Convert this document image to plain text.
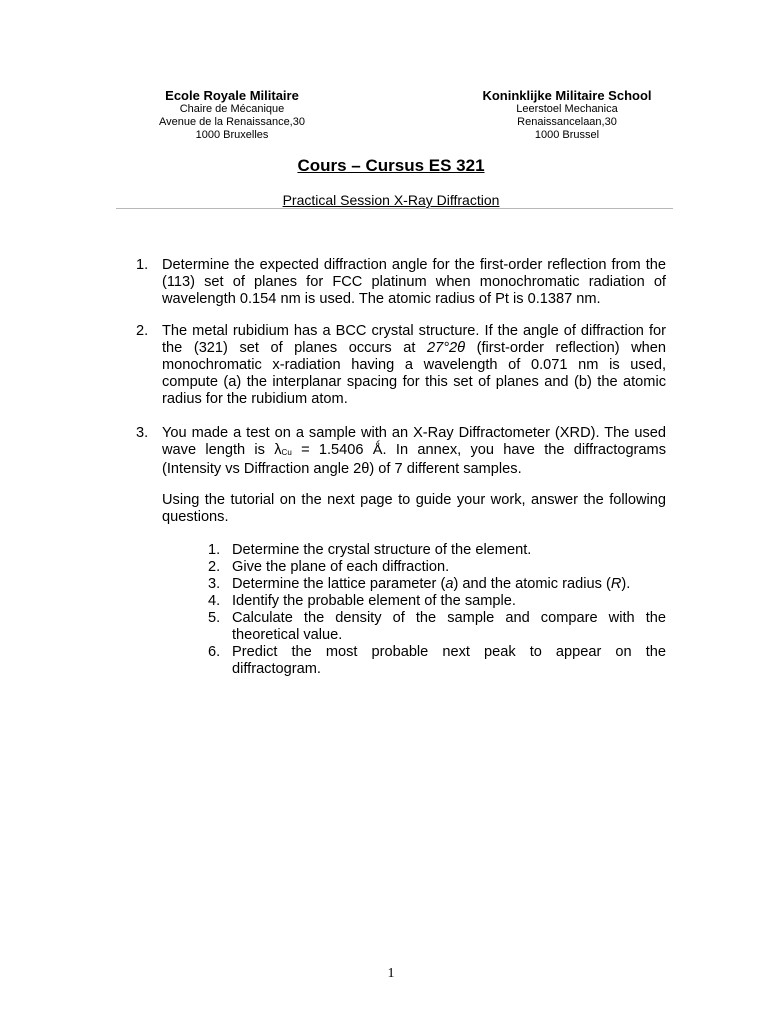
Ecole Royale Militaire
Chaire de Mécanique
Avenue de la Renaissance,30
1000 Bruxelles
Koninklijke Militaire School
Leerstoel Mechanica
Renaissancelaan,30
1000 Brussel
Cours – Cursus ES 321
Practical Session X-Ray Diffraction
1. Determine the expected diffraction angle for the first-order reflection from the (113) set of planes for FCC platinum when monochromatic radiation of wavelength 0.154 nm is used. The atomic radius of Pt is 0.1387 nm.
2. The metal rubidium has a BCC crystal structure. If the angle of diffraction for the (321) set of planes occurs at 27°2θ (first-order reflection) when monochromatic x-radiation having a wavelength of 0.071 nm is used, compute (a) the interplanar spacing for this set of planes and (b) the atomic radius for the rubidium atom.
3. You made a test on a sample with an X-Ray Diffractometer (XRD). The used wave length is $\lambda_{Cu} = 1.5406$ Ǻ. In annex, you have the diffractograms (Intensity vs Diffraction angle 2θ) of 7 different samples.
Using the tutorial on the next page to guide your work, answer the following questions.
1. Determine the crystal structure of the element.
2. Give the plane of each diffraction.
3. Determine the lattice parameter (a) and the atomic radius (R).
4. Identify the probable element of the sample.
5. Calculate the density of the sample and compare with the theoretical value.
6. Predict the most probable next peak to appear on the diffractogram.
1
